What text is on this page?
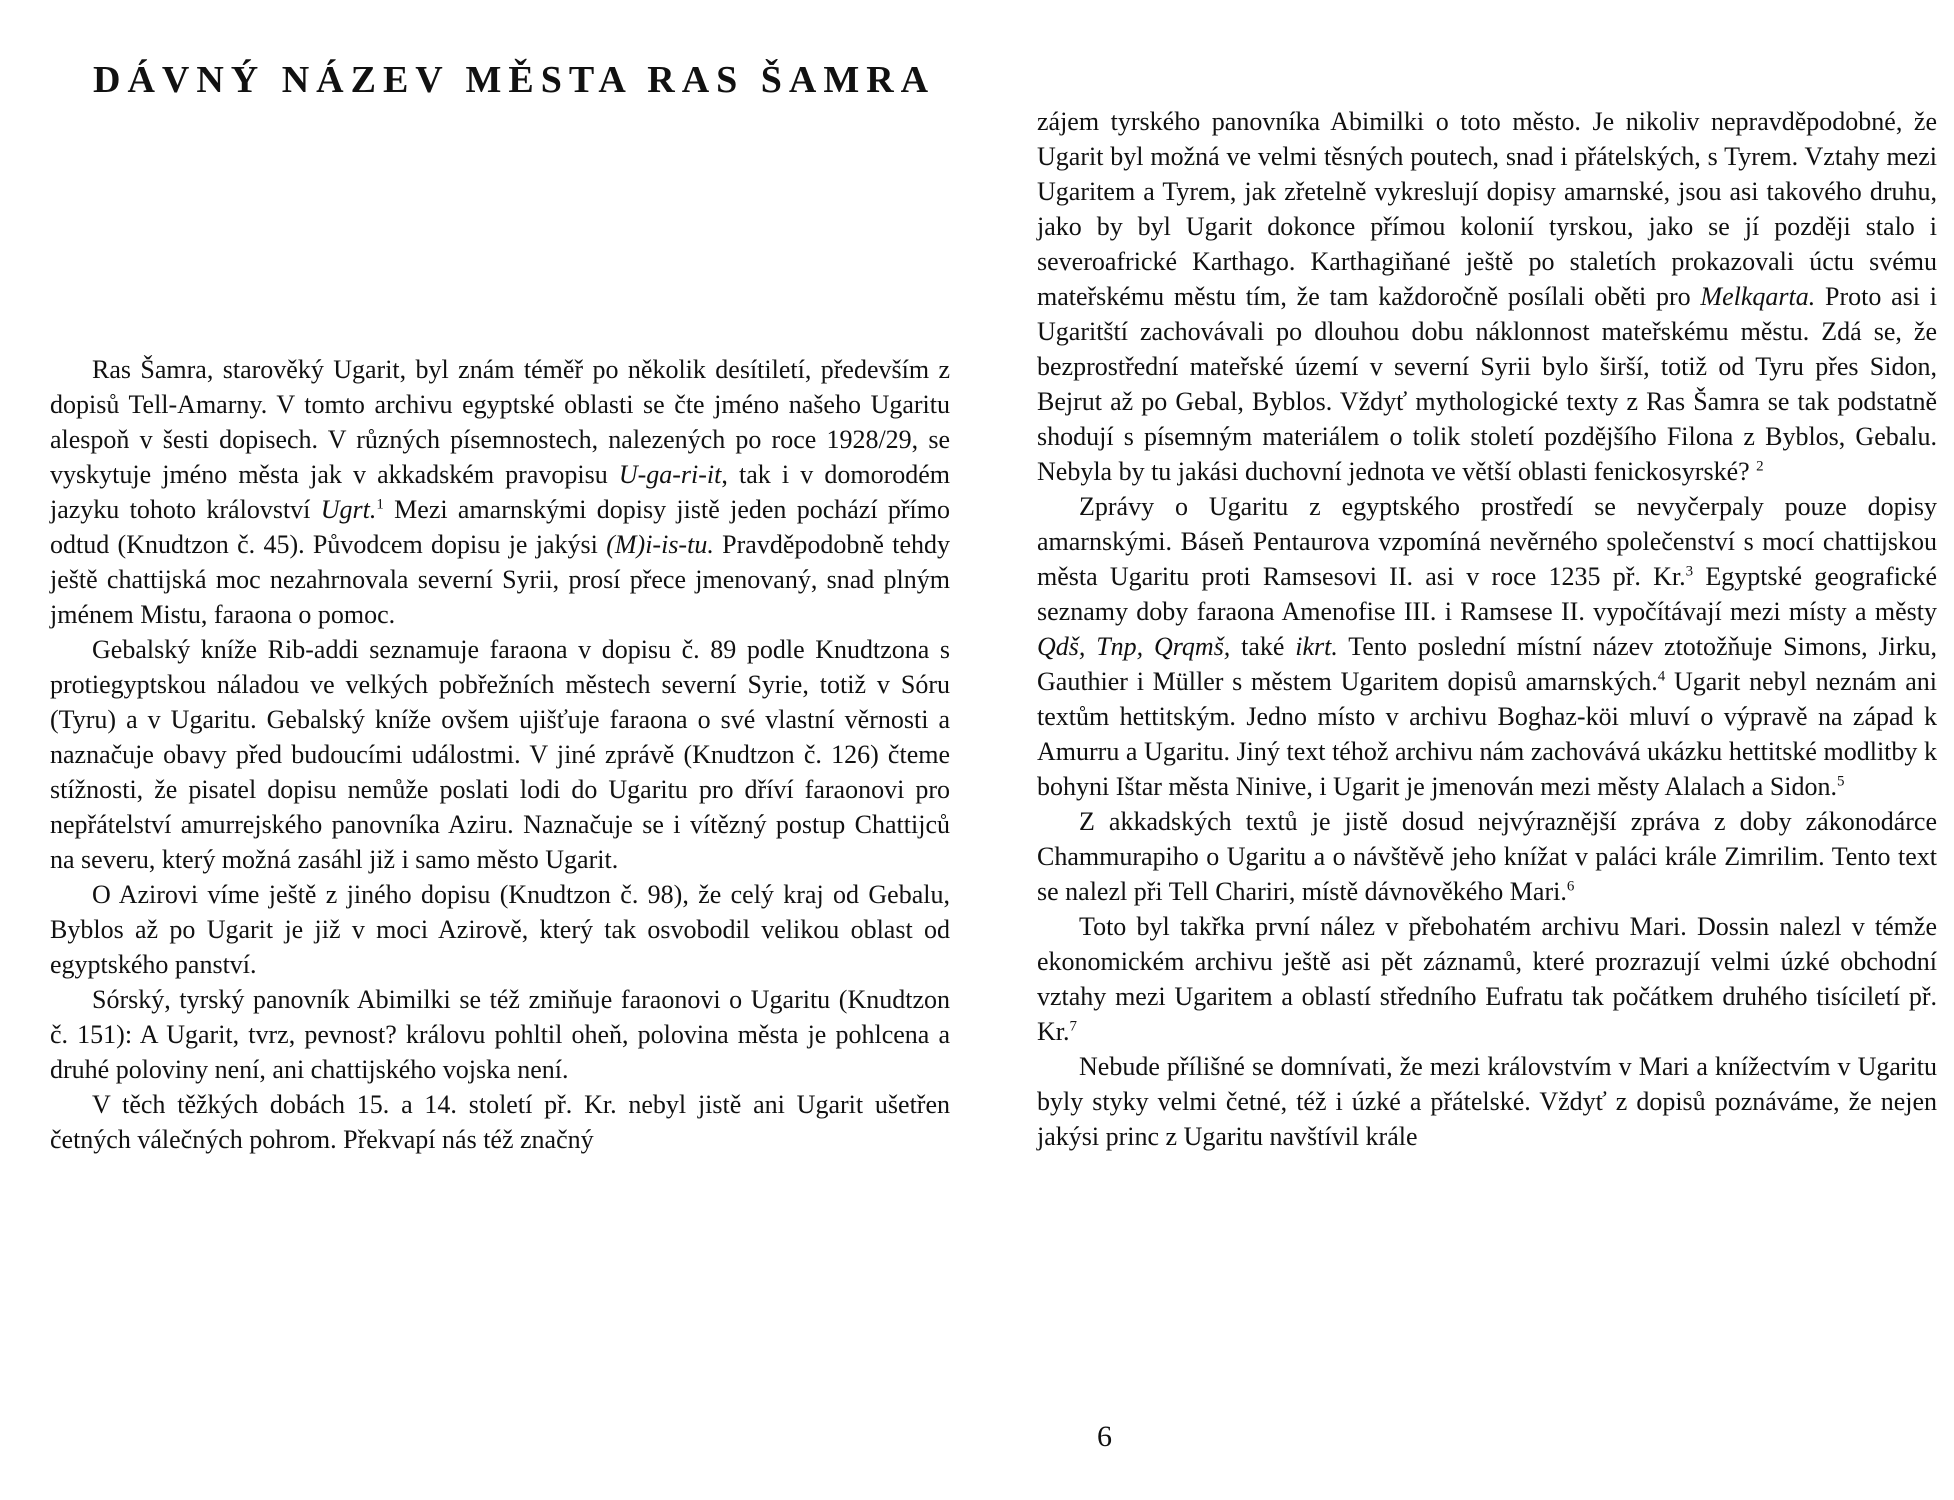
DÁVNÝ NÁZEV MĚSTA RAS ŠAMRA

Ras Šamra, starověký Ugarit, byl znám téměř po několik desítiletí, především z dopisů Tell-Amarny. V tomto archivu egyptské oblasti se čte jméno našeho Ugaritu alespoň v šesti dopisech. V různých písemnostech, nalezených po roce 1928/29, se vyskytuje jméno města jak v akkadském pravopisu U-ga-ri-it, tak i v domorodém jazyku tohoto království Ugrt.$^1$ Mezi amarnskými dopisy jistě jeden pochází přímo odtud (Knudtzon č. 45). Původcem dopisu je jakýsi (M)i-is-tu. Pravděpodobně tehdy ještě chattijská moc nezahrnovala severní Syrii, prosí přece jmenovaný, snad plným jménem Mistu, faraona o pomoc.

Gebalský kníže Rib-addi seznamuje faraona v dopisu č. 89 podle Knudtzona s protiegyptskou náladou ve velkých pobřežních městech severní Syrie, totiž v Sóru (Tyru) a v Ugaritu. Gebalský kníže ovšem ujišťuje faraona o své vlastní věrnosti a naznačuje obavy před budoucími událostmi. V jiné zprávě (Knudtzon č. 126) čteme stížnosti, že pisatel dopisu nemůže poslati lodi do Ugaritu pro dříví faraonovi pro nepřátelství amurrejského panovníka Aziru. Naznačuje se i vítězný postup Chattijců na severu, který možná zasáhl již i samo město Ugarit.

O Azirovi víme ještě z jiného dopisu (Knudtzon č. 98), že celý kraj od Gebalu, Byblos až po Ugarit je již v moci Azirově, který tak osvobodil velikou oblast od egyptského panství.

Sórský, tyrský panovník Abimilki se též zmiňuje faraonovi o Ugaritu (Knudtzon č. 151): A Ugarit, tvrz, pevnost? královu pohltil oheň, polovina města je pohlcena a druhé poloviny není, ani chattijského vojska není.

V těch těžkých dobách 15. a 14. století př. Kr. nebyl jistě ani Ugarit ušetřen četných válečných pohrom. Překvapí nás též značný

zájem tyrského panovníka Abimilki o toto město. Je nikoliv nepravděpodobné, že Ugarit byl možná ve velmi těsných poutech, snad i přátelských, s Tyrem. Vztahy mezi Ugaritem a Tyrem, jak zřetelně vykreslují dopisy amarnské, jsou asi takového druhu, jako by byl Ugarit dokonce přímou kolonií tyrskou, jako se jí později stalo i severoafrické Karthago. Karthagiňané ještě po staletích prokazovali úctu svému mateřskému městu tím, že tam každoročně posílali oběti pro Melkqarta. Proto asi i Ugaritští zachovávali po dlouhou dobu náklonnost mateřskému městu. Zdá se, že bezprostřední mateřské území v severní Syrii bylo širší, totiž od Tyru přes Sidon, Bejrut až po Gebal, Byblos. Vždyť mythologické texty z Ras Šamra se tak podstatně shodují s písemným materiálem o tolik století pozdějšího Filona z Byblos, Gebalu. Nebyla by tu jakási duchovní jednota ve větší oblasti fenickosyrské? $^2$

Zprávy o Ugaritu z egyptského prostředí se nevyčerpaly pouze dopisy amarnskými. Báseň Pentaurova vzpomíná nevěrného společenství s mocí chattijskou města Ugaritu proti Ramsesovi II. asi v roce 1235 př. Kr.$^3$ Egyptské geografické seznamy doby faraona Amenofise III. i Ramsese II. vypočítávají mezi místy a městy Qdš, Tnp, Qrqmš, také ikrt. Tento poslední místní název ztotožňuje Simons, Jirku, Gauthier i Müller s městem Ugaritem dopisů amarnských.$^4$ Ugarit nebyl neznám ani textům hettitským. Jedno místo v archivu Boghaz-köi mluví o výpravě na západ k Amurru a Ugaritu. Jiný text téhož archivu nám zachovává ukázku hettitské modlitby k bohyni Ištar města Ninive, i Ugarit je jmenován mezi městy Alalach a Sidon.$^5$

Z akkadských textů je jistě dosud nejvýraznější zpráva z doby zákonodárce Chammurapiho o Ugaritu a o návštěvě jeho knížat v paláci krále Zimrilim. Tento text se nalezl při Tell Chariri, místě dávnověkého Mari.$^6$

Toto byl takřka první nález v přebohatém archivu Mari. Dossin nalezl v témže ekonomickém archivu ještě asi pět záznamů, které prozrazují velmi úzké obchodní vztahy mezi Ugaritem a oblastí středního Eufratu tak počátkem druhého tisíciletí př. Kr.$^7$

Nebude přílišné se domnívati, že mezi královstvím v Mari a knížectvím v Ugaritu byly styky velmi četné, též i úzké a přátelské. Vždyť z dopisů poznáváme, že nejen jakýsi princ z Ugaritu navštívil krále

6
